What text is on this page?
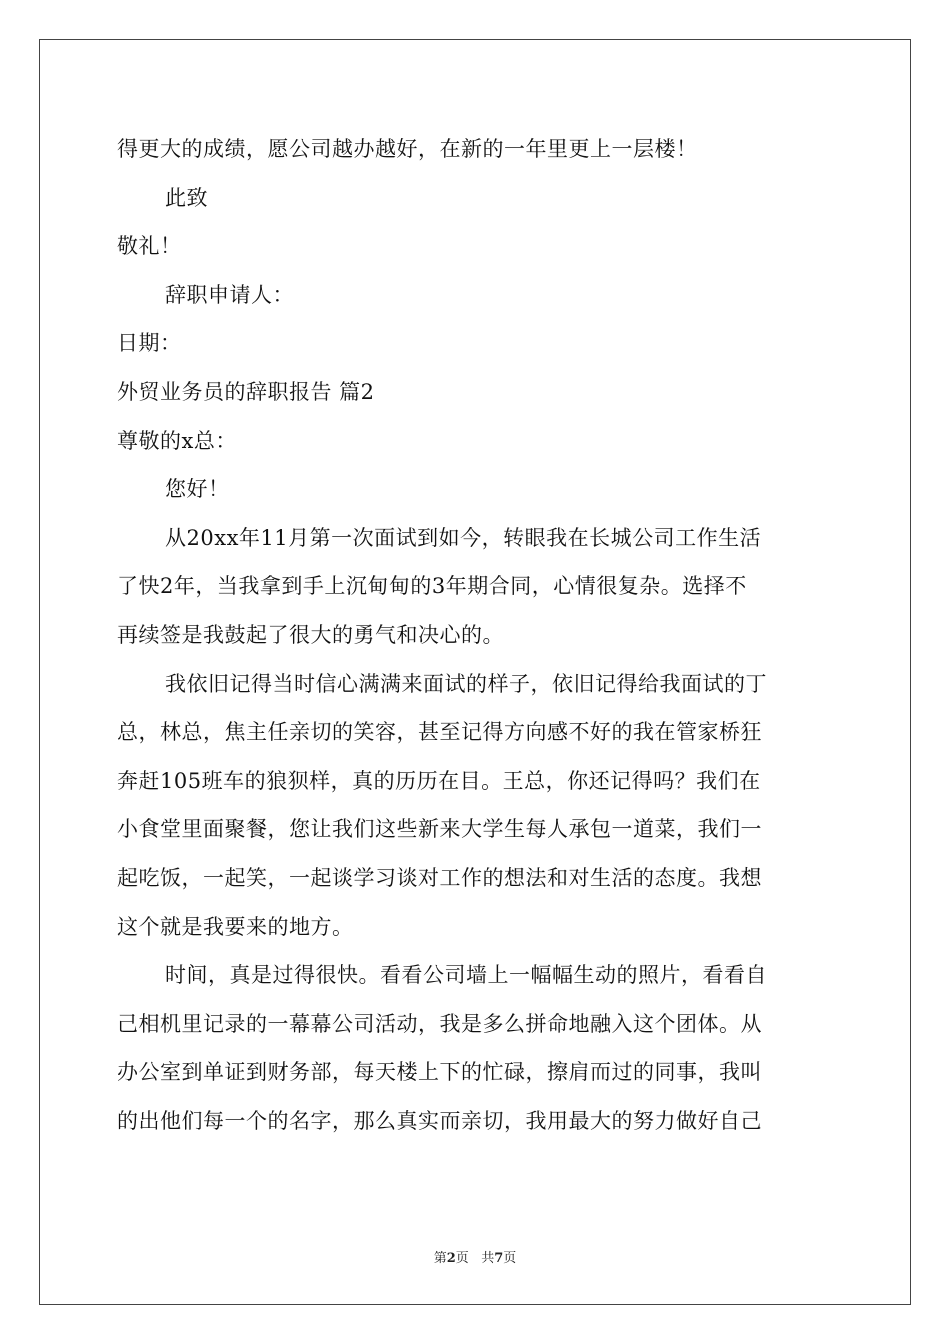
得更大的成绩，愿公司越办越好，在新的一年里更上一层楼！
此致
敬礼！
辞职申请人：
日期：
外贸业务员的辞职报告 篇2
尊敬的x总：
您好！
从20xx年11月第一次面试到如今，转眼我在长城公司工作生活
了快2年，当我拿到手上沉甸甸的3年期合同，心情很复杂。选择不
再续签是我鼓起了很大的勇气和决心的。
我依旧记得当时信心满满来面试的样子，依旧记得给我面试的丁
总，林总，焦主任亲切的笑容，甚至记得方向感不好的我在管家桥狂
奔赶105班车的狼狈样，真的历历在目。王总，你还记得吗？我们在
小食堂里面聚餐，您让我们这些新来大学生每人承包一道菜，我们一
起吃饭，一起笑，一起谈学习谈对工作的想法和对生活的态度。我想
这个就是我要来的地方。
时间，真是过得很快。看看公司墙上一幅幅生动的照片，看看自
己相机里记录的一幕幕公司活动，我是多么拼命地融入这个团体。从
办公室到单证到财务部，每天楼上下的忙碌，擦肩而过的同事，我叫
的出他们每一个的名字，那么真实而亲切，我用最大的努力做好自己
第2页 共7页
